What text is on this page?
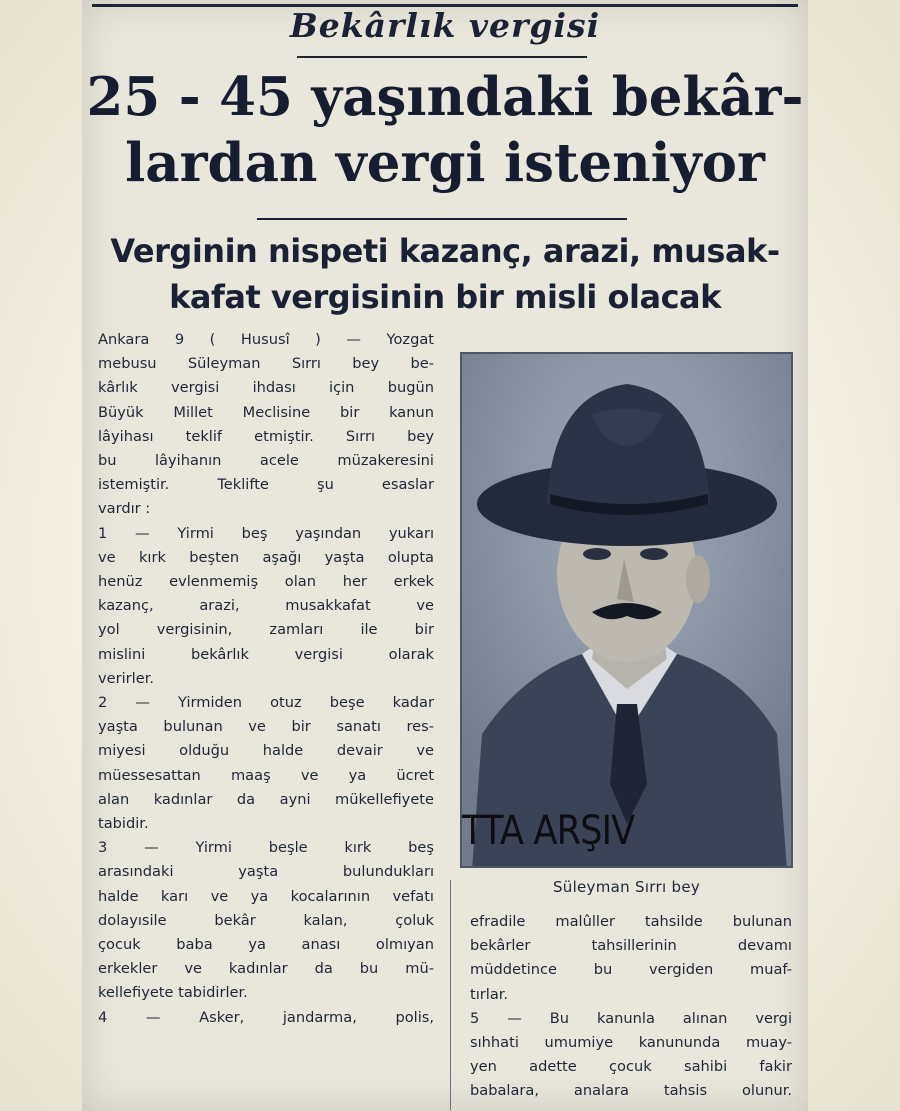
Bekârlık vergisi
25 - 45 yaşındaki bekâr-
lardan vergi isteniyor
Verginin nispeti kazanç, arazi, musak-
kafat vergisinin bir misli olacak

Ankara 9 ( Hususî ) — Yozgat

mebusu Süleyman Sırrı bey be-

kârlık vergisi ihdası için bugün

Büyük Millet Meclisine bir kanun

lâyihası teklif etmiştir. Sırrı bey

bu lâyihanın acele müzakeresini

istemiştir. Teklifte şu esaslar

vardır :

1 — Yirmi beş yaşından yukarı

ve kırk beşten aşağı yaşta olupta

henüz evlenmemiş olan her erkek

kazanç, arazi, musakkafat ve

yol vergisinin, zamları ile bir

mislini bekârlık vergisi olarak

verirler.

2 — Yirmiden otuz beşe kadar

yaşta bulunan ve bir sanatı res-

miyesi olduğu halde devair ve

müessesattan maaş ve ya ücret

alan kadınlar da ayni mükellefiyete

tabidir.

3 — Yirmi beşle kırk beş

arasındaki yaşta bulundukları

halde karı ve ya kocalarının vefatı

dolayısile bekâr kalan, çoluk

çocuk baba ya anası olmıyan

erkekler ve kadınlar da bu mü-

kellefiyete tabidirler.

4 — Asker, jandarma, polis,

TTA ARŞIV
Süleyman Sırrı bey

efradile malûller tahsilde bulunan

bekârler tahsillerinin devamı

müddetince bu vergiden muaf-

tırlar.

5 — Bu kanunla alınan vergi

sıhhati umumiye kanununda muay-

yen adette çocuk sahibi fakir

babalara, analara tahsis olunur.
